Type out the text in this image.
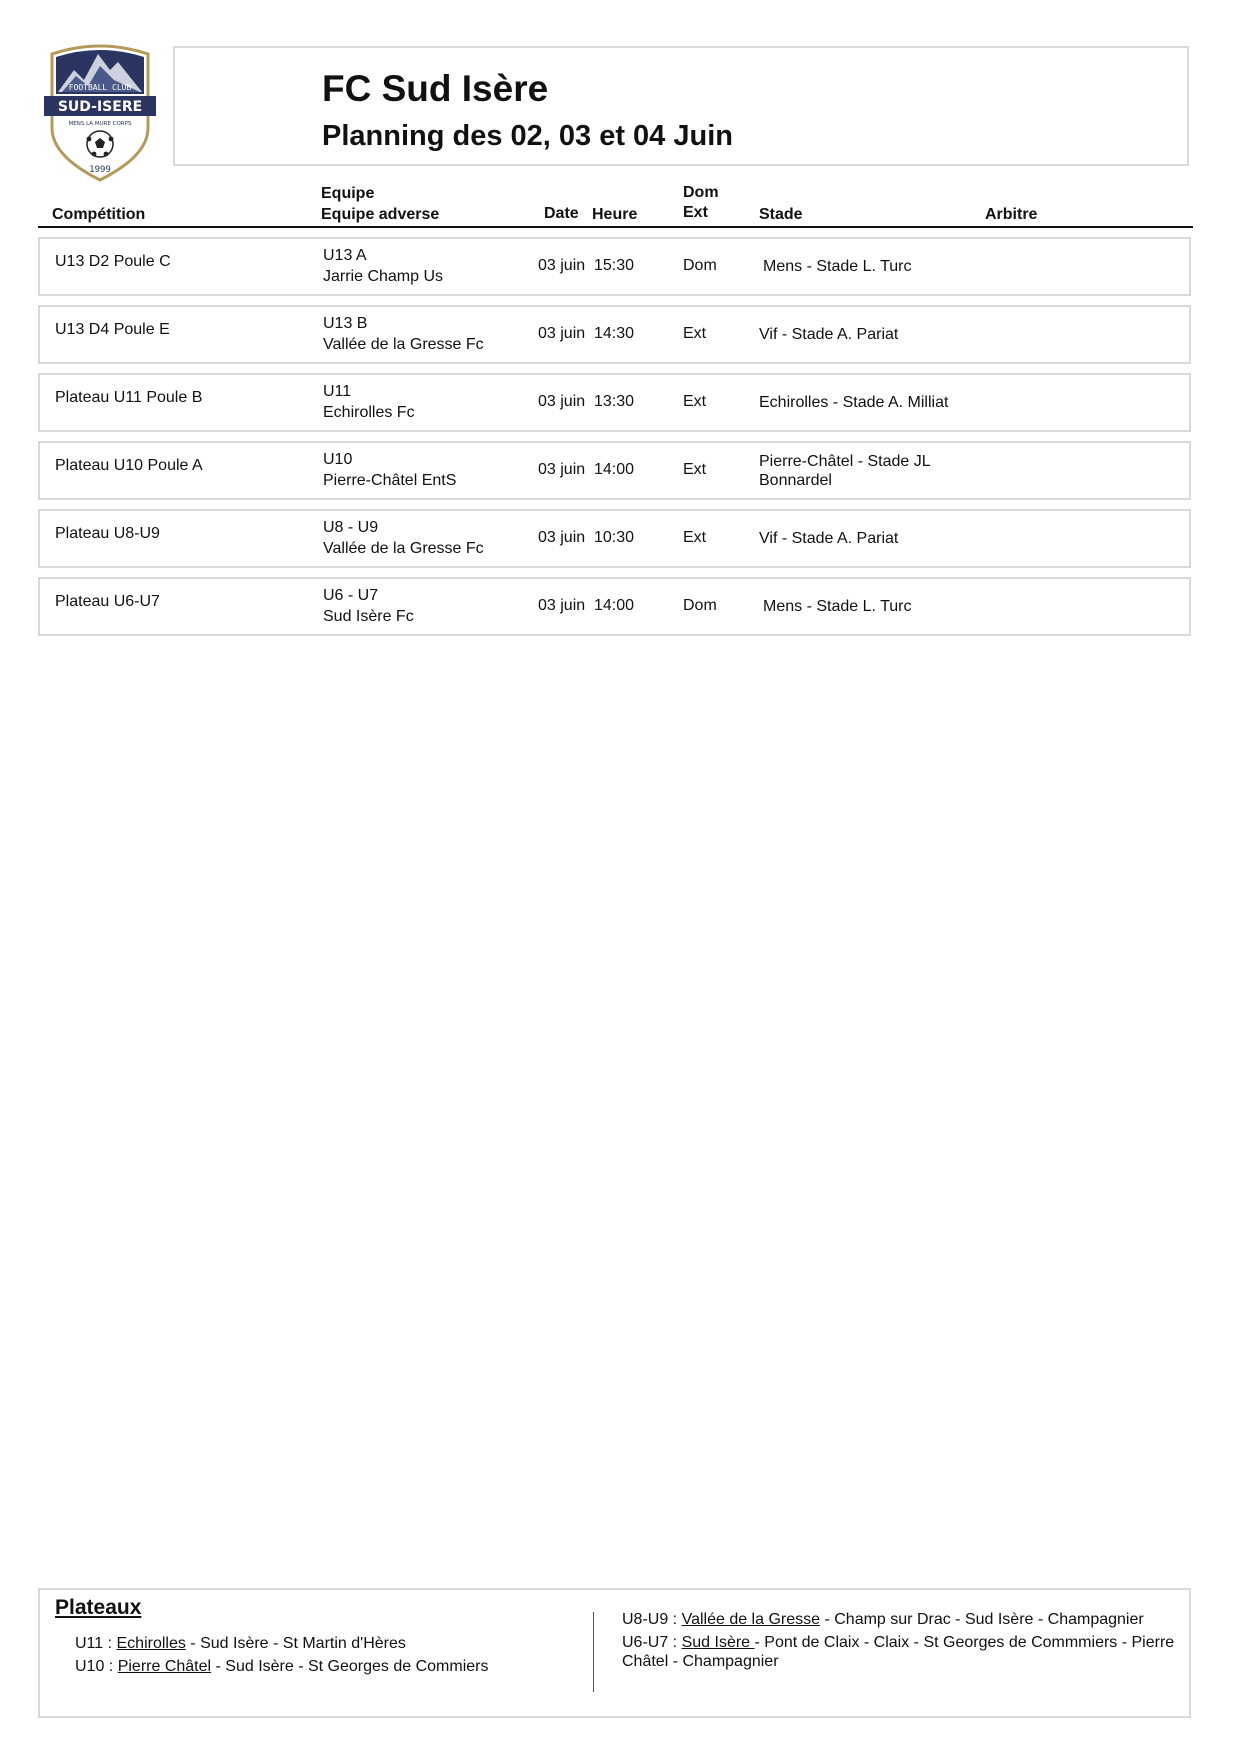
FOOTBALL CLUB
SUD-ISERE
MENS LA MURE CORPS
1999
FC Sud Isère
Planning des 02, 03 et 04 Juin
Compétition
Equipe
Equipe adverse	Date Heure
Dom
Ext	Stade	Arbitre
U13 D2 Poule C	U13 A
Jarrie Champ Us
03 juin 15:30	Dom	Mens - Stade L. Turc
U13 D4 Poule E	U13 B
Vallée de la Gresse Fc
03 juin 14:30	Ext	Vif - Stade A. Pariat
Plateau U11 Poule B	U11
Echirolles Fc
03 juin 13:30	Ext	Echirolles - Stade A. Milliat
Plateau U10 Poule A	U10
Pierre-Châtel EntS
03 juin 14:00	Ext	Pierre-Châtel - Stade JL
Bonnardel
Plateau U8-U9	U8 - U9
Vallée de la Gresse Fc
03 juin 10:30	Ext	Vif - Stade A. Pariat
Plateau U6-U7	U6 - U7
Sud Isère Fc
03 juin 14:00	Dom	Mens - Stade L. Turc
Plateaux
U11 : Echirolles - Sud Isère - St Martin d'Hères
U10 : Pierre Châtel - Sud Isère - St Georges de Commiers
U8-U9 : Vallée de la Gresse - Champ sur Drac - Sud Isère - Champagnier
U6-U7 : Sud Isère - Pont de Claix - Claix - St Georges de Commmiers - Pierre Châtel - Champagnier
